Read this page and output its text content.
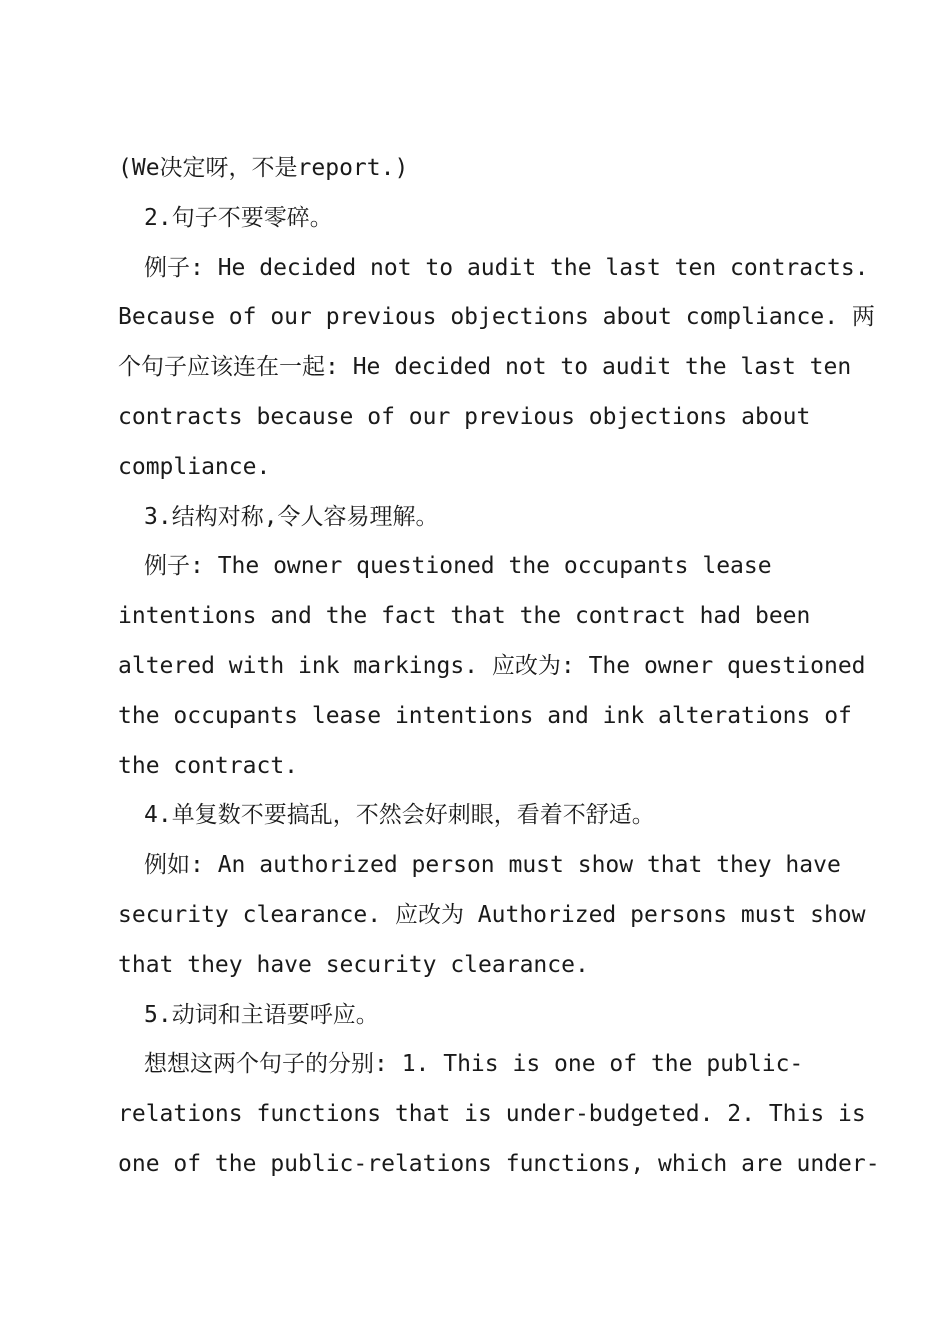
(We决定呀，不是report.)
2.句子不要零碎。
例子: He decided not to audit the last ten contracts.
Because of our previous objections about compliance. 两
个句子应该连在一起: He decided not to audit the last ten
contracts because of our previous objections about
compliance.
3.结构对称,令人容易理解。
例子: The owner questioned the occupants lease
intentions and the fact that the contract had been
altered with ink markings. 应改为: The owner questioned
the occupants lease intentions and ink alterations of
the contract.
4.单复数不要搞乱，不然会好刺眼，看着不舒适。
例如: An authorized person must show that they have
security clearance. 应改为 Authorized persons must show
that they have security clearance.
5.动词和主语要呼应。
想想这两个句子的分别: 1. This is one of the public-
relations functions that is under-budgeted. 2. This is
one of the public-relations functions, which are under-
